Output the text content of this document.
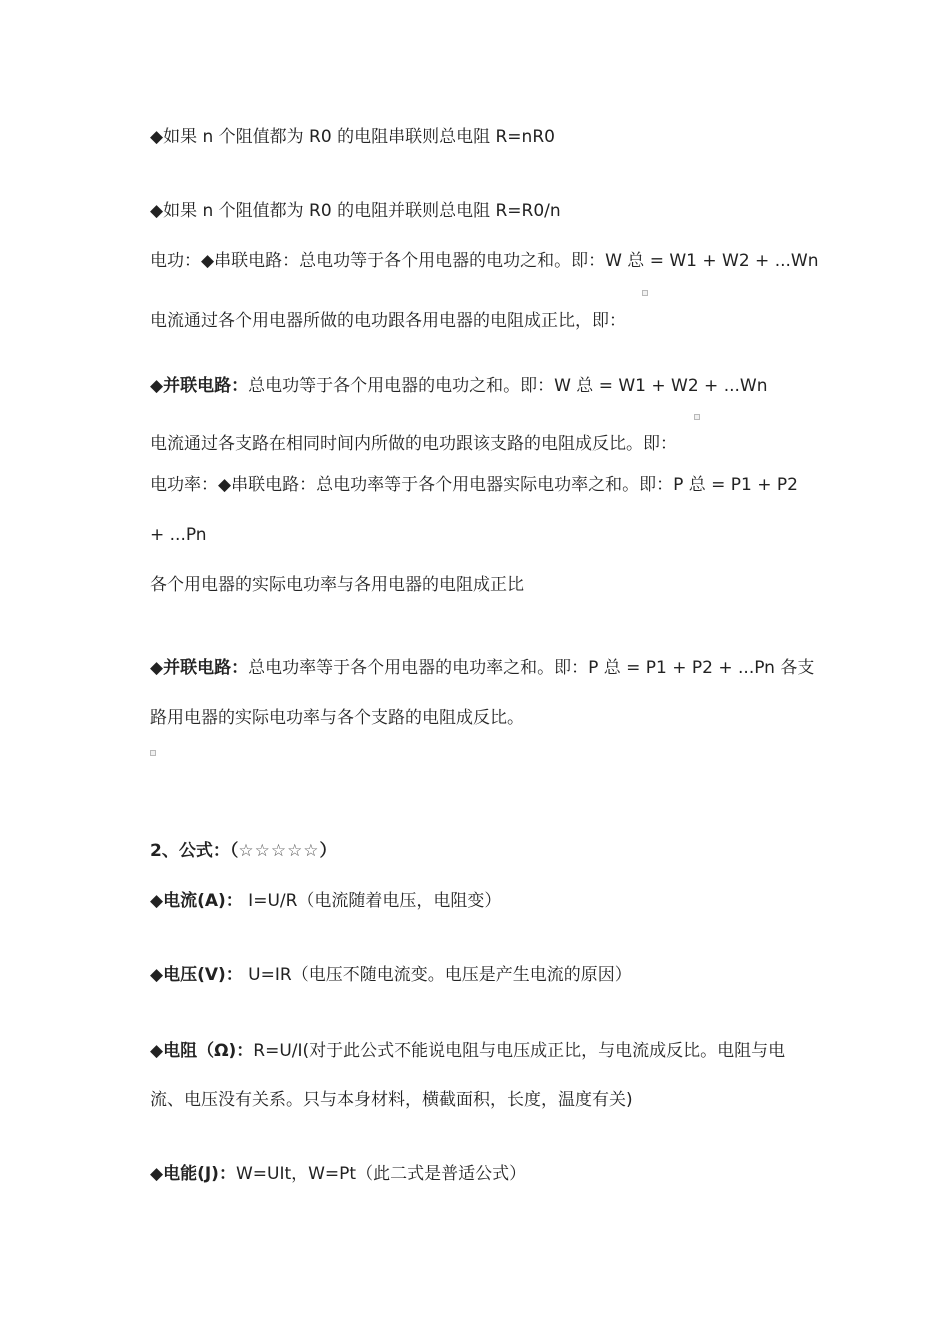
◆如果 n 个阻值都为 R0 的电阻串联则总电阻 R=nR0
◆如果 n 个阻值都为 R0 的电阻并联则总电阻 R=R0/n
电功：◆串联电路：总电功等于各个用电器的电功之和。即：W 总 = W1 + W2 + ...Wn
电流通过各个用电器所做的电功跟各用电器的电阻成正比，即：
◆并联电路：总电功等于各个用电器的电功之和。即：W 总 = W1 + W2 + ...Wn
电流通过各支路在相同时间内所做的电功跟该支路的电阻成反比。即：
电功率：◆串联电路：总电功率等于各个用电器实际电功率之和。即：P 总 = P1 + P2
+ ...Pn
各个用电器的实际电功率与各用电器的电阻成正比
◆并联电路：总电功率等于各个用电器的电功率之和。即：P 总 = P1 + P2 + ...Pn 各支
路用电器的实际电功率与各个支路的电阻成反比。
2、公式：（☆☆☆☆☆）
◆电流(A)： I=U/R（电流随着电压，电阻变）
◆电压(V)： U=IR（电压不随电流变。电压是产生电流的原因）
◆电阻（Ω)：R=U/I(对于此公式不能说电阻与电压成正比，与电流成反比。电阻与电
流、电压没有关系。只与本身材料，横截面积，长度，温度有关)
◆电能(J)：W=UIt，W=Pt（此二式是普适公式）
